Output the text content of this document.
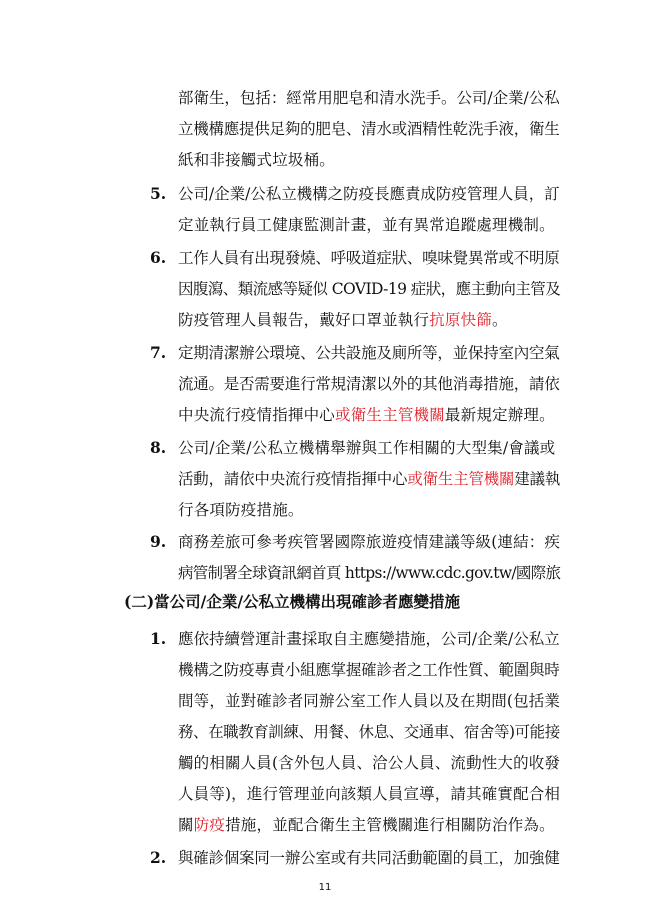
部衛生，包括：經常用肥皂和清水洗手。公司/企業/公私
立機構應提供足夠的肥皂、清水或酒精性乾洗手液，衛生
紙和非接觸式垃圾桶。
5. 公司/企業/公私立機構之防疫長應責成防疫管理人員，訂
定並執行員工健康監測計畫，並有異常追蹤處理機制。
6. 工作人員有出現發燒、呼吸道症狀、嗅味覺異常或不明原
因腹瀉、類流感等疑似 COVID-19 症狀，應主動向主管及
防疫管理人員報告，戴好口罩並執行抗原快篩。
7. 定期清潔辦公環境、公共設施及廁所等，並保持室內空氣
流通。是否需要進行常規清潔以外的其他消毒措施，請依
中央流行疫情指揮中心或衛生主管機關最新規定辦理。
8. 公司/企業/公私立機構舉辦與工作相關的大型集/會議或
活動，請依中央流行疫情指揮中心或衛生主管機關建議執
行各項防疫措施。
9. 商務差旅可參考疾管署國際旅遊疫情建議等級(連結：疾
病管制署全球資訊網首頁 https://www.cdc.gov.tw/國際旅
(二)當公司/企業/公私立機構出現確診者應變措施
1. 應依持續營運計畫採取自主應變措施，公司/企業/公私立
機構之防疫專責小組應掌握確診者之工作性質、範圍與時
間等，並對確診者同辦公室工作人員以及在期間(包括業
務、在職教育訓練、用餐、休息、交通車、宿舍等)可能接
觸的相關人員(含外包人員、洽公人員、流動性大的收發
人員等)，進行管理並向該類人員宣導，請其確實配合相
關防疫措施，並配合衛生主管機關進行相關防治作為。
2. 與確診個案同一辦公室或有共同活動範圍的員工，加強健
11
